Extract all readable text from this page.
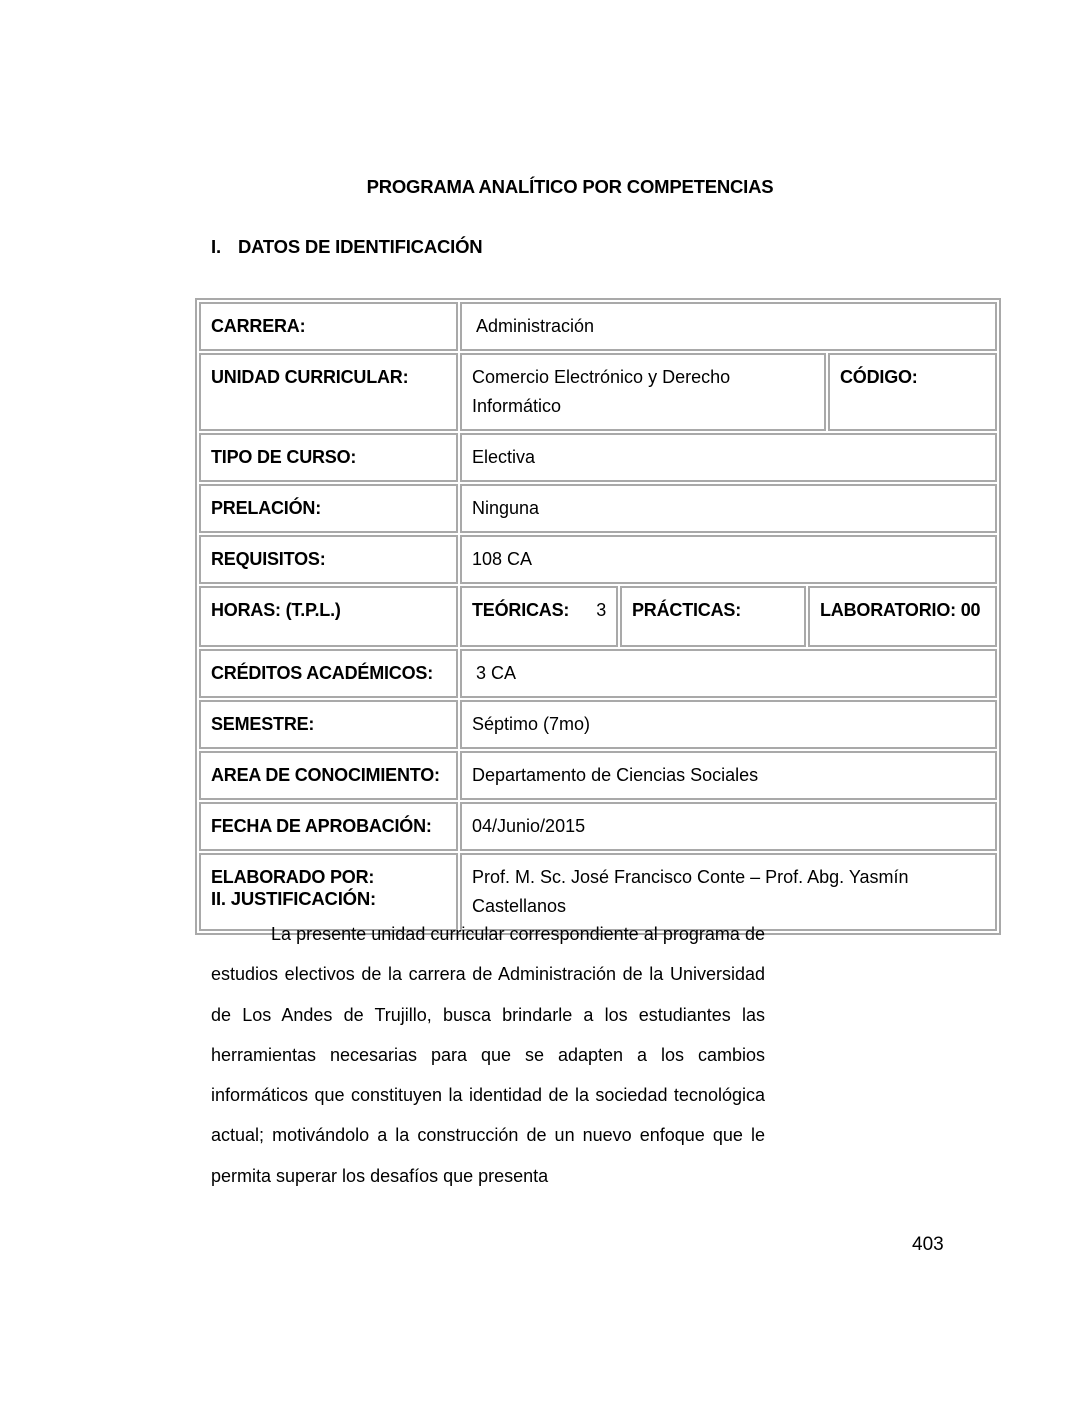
PROGRAMA ANALÍTICO POR COMPETENCIAS
I. DATOS DE IDENTIFICACIÓN
CARRERA:	Administración			
UNIDAD CURRICULAR:	Comercio Electrónico y Derecho Informático			CÓDIGO:
TIPO DE CURSO:	Electiva			
PRELACIÓN:	Ninguna			
REQUISITOS:	108 CA			
HORAS: (T.P.L.)	TEÓRICAS: 3	PRÁCTICAS:	LABORATORIO: 00	
CRÉDITOS ACADÉMICOS:	3 CA			
SEMESTRE:	Séptimo (7mo)			
AREA DE CONOCIMIENTO:	Departamento de Ciencias Sociales			
FECHA DE APROBACIÓN:	04/Junio/2015			
ELABORADO POR:	Prof. M. Sc. José Francisco Conte – Prof. Abg. Yasmín Castellanos			
II. JUSTIFICACIÓN:
La presente unidad curricular correspondiente al programa de estudios electivos de la carrera de Administración de la Universidad de Los Andes de Trujillo, busca brindarle a los estudiantes las herramientas necesarias para que se adapten a los cambios informáticos que constituyen la identidad de la sociedad tecnológica actual; motivándolo a la construcción de un nuevo enfoque que le permita superar los desafíos que presenta
403
